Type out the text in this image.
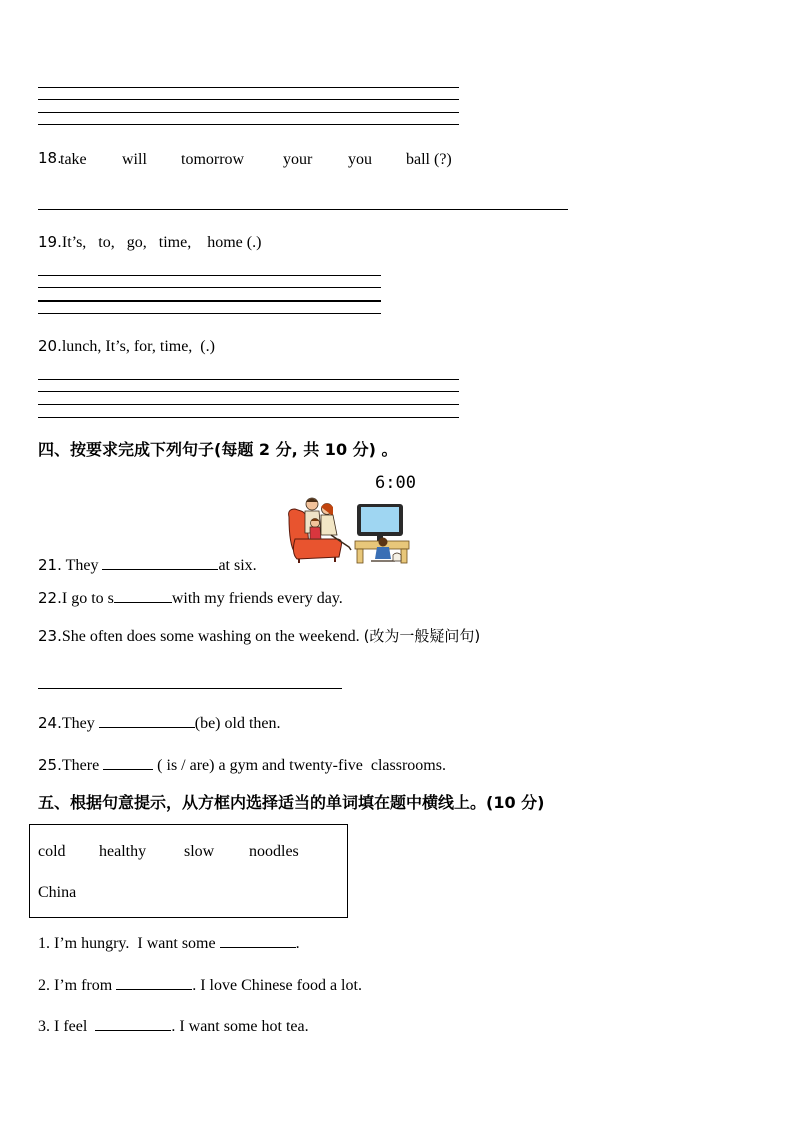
18.
take will tomorrow your you ball (?)
19.It’s,   to,   go,   time,    home (.)
20.lunch, It’s, for, time,  (.)
四、按要求完成下列句子(每题 2 分, 共 10 分) 。
6:00
21. They	at six.
22.I go to s	with my friends every day.
23.She often does some washing on the weekend. (改为一般疑问句)
24.They	(be) old then.
25.There	( is / are) a gym and twenty-five  classrooms.
五、根据句意提示，从方框内选择适当的单词填在题中横线上。(10 分)
cold healthy slow noodles
China
1. I’m hungry.  I want some	.
2. I’m from	. I love Chinese food a lot.
3. I feel	. I want some hot tea.
